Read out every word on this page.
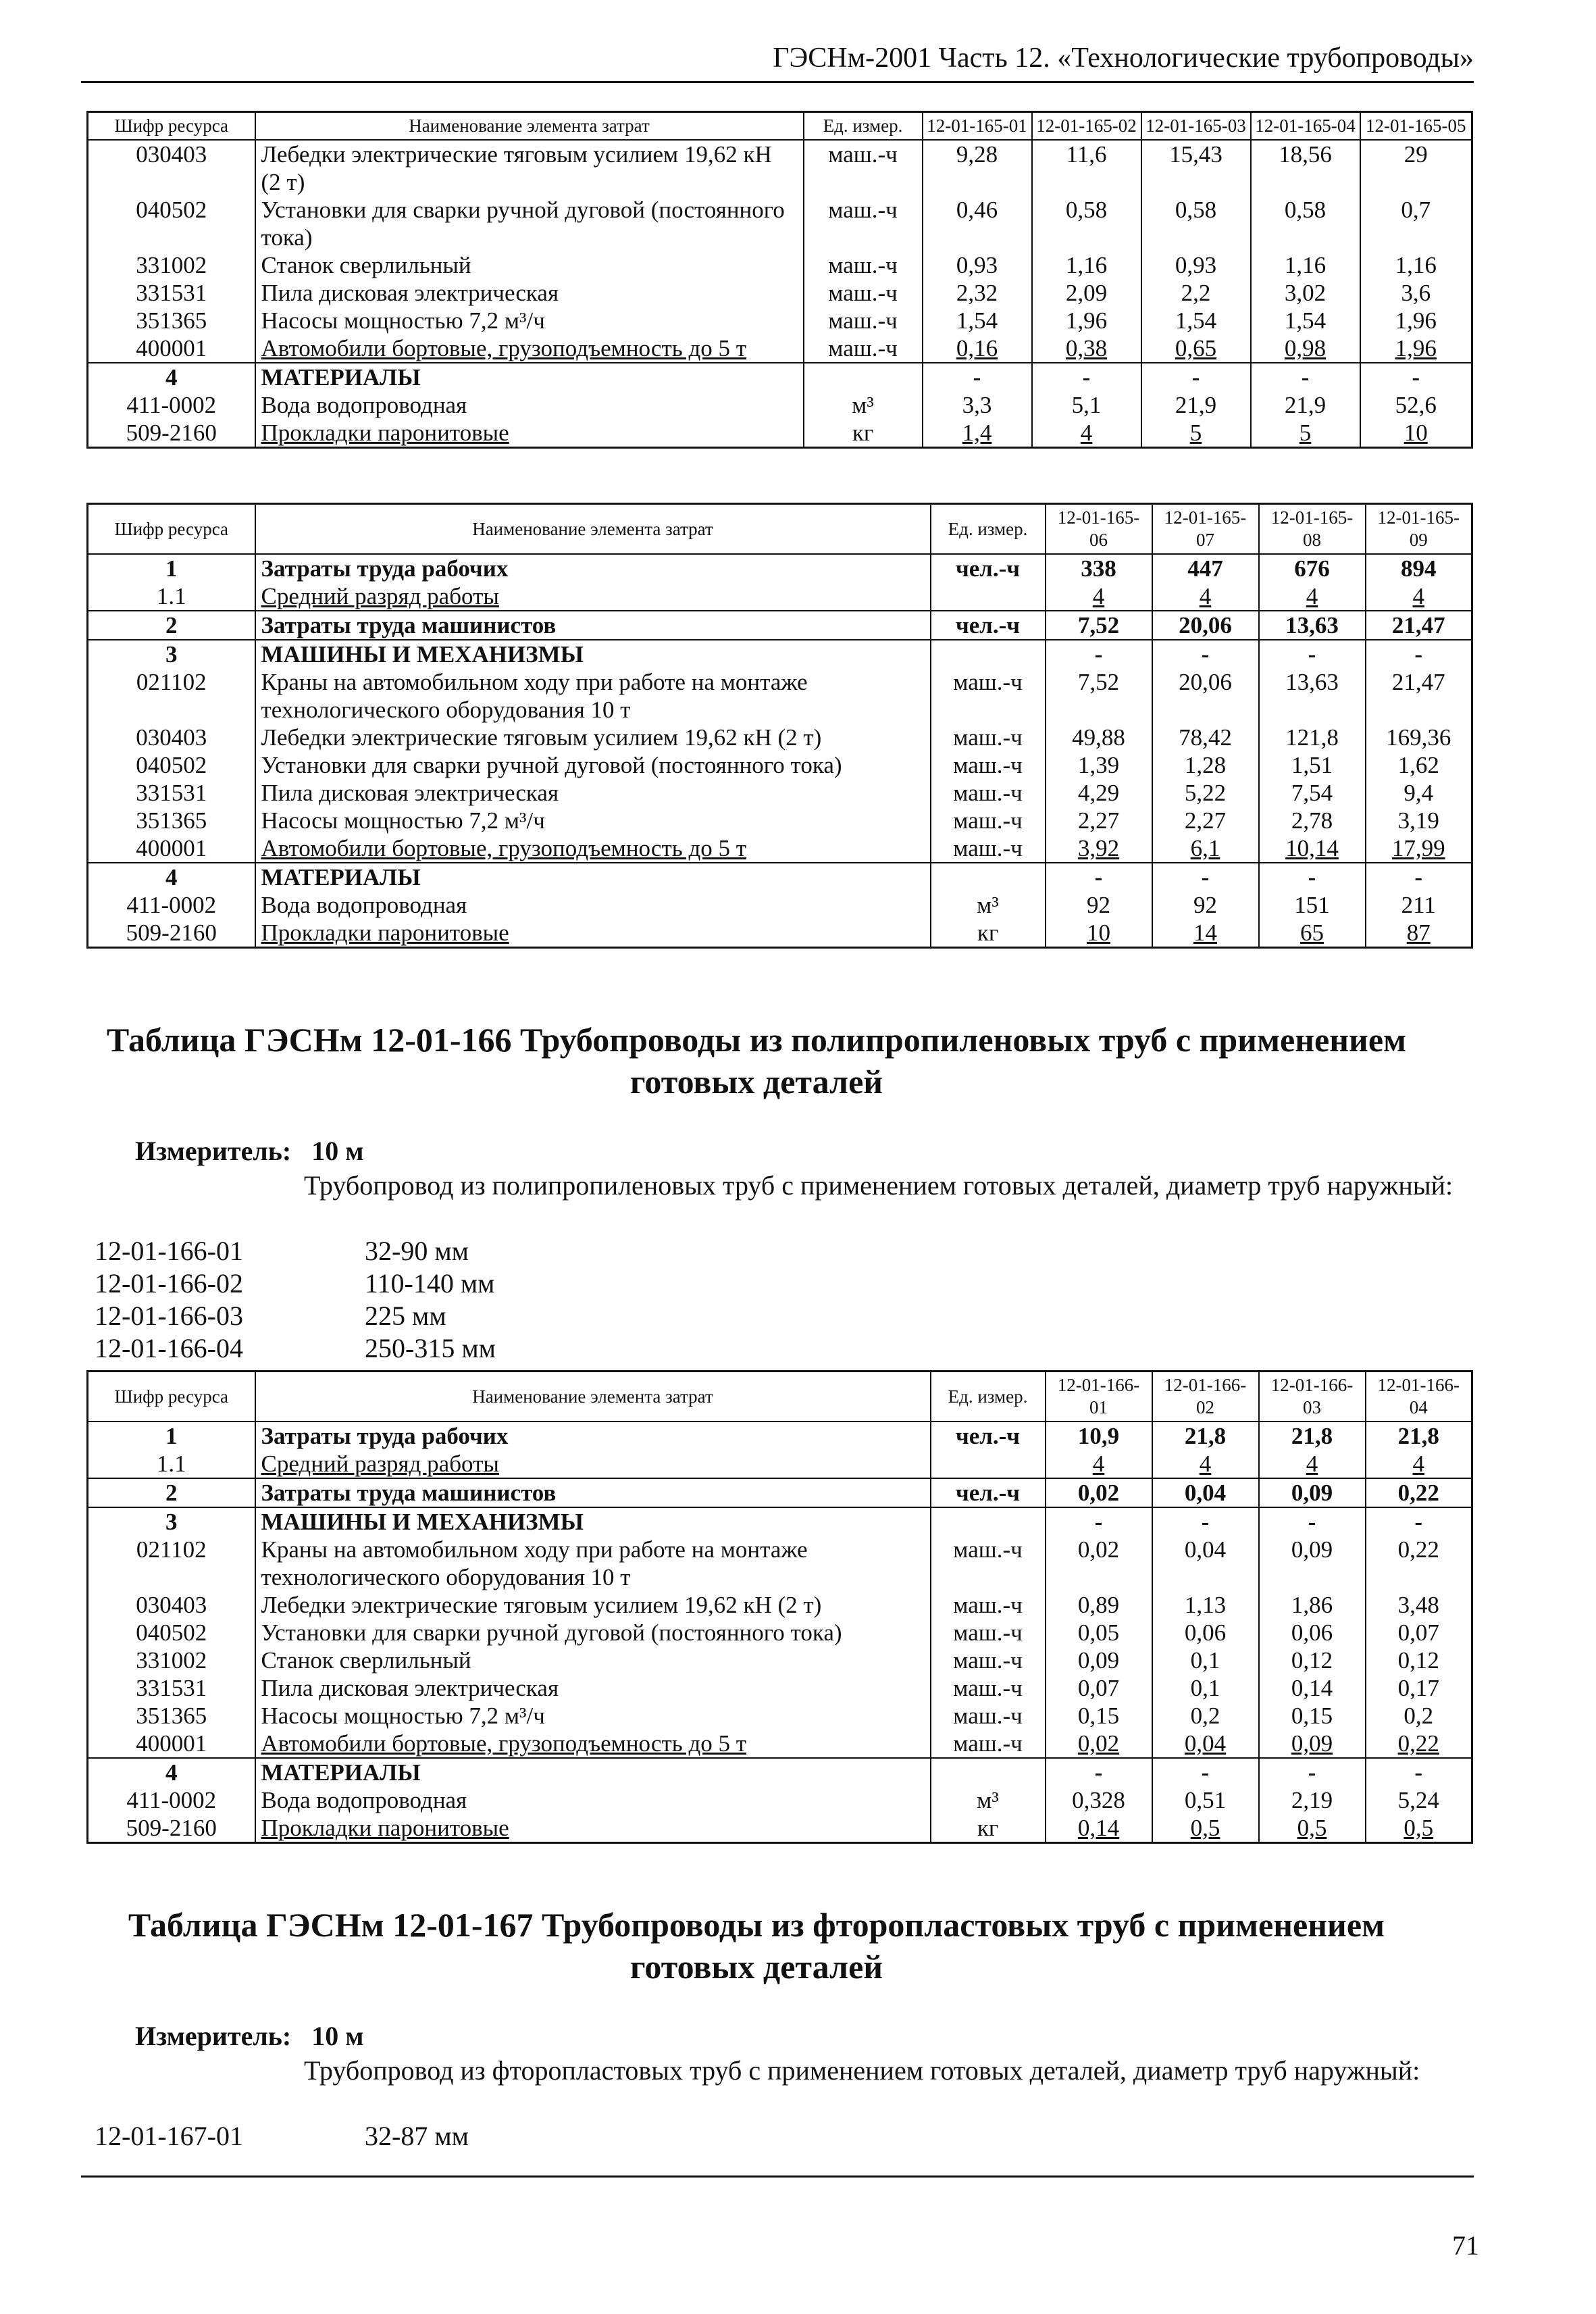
ГЭСНм-2001 Часть 12. «Технологические трубопроводы»
Шифр ресурса	Наименование элемента затрат	Ед. измер.	12-01-165-01	12-01-165-02	12-01-165-03	12-01-165-04	12-01-165-05
030403	Лебедки электрические тяговым усилием 19,62 кН (2 т)	маш.-ч	9,28	11,6	15,43	18,56	29
040502	Установки для сварки ручной дуговой (постоянного тока)	маш.-ч	0,46	0,58	0,58	0,58	0,7
331002	Станок сверлильный	маш.-ч	0,93	1,16	0,93	1,16	1,16
331531	Пила дисковая электрическая	маш.-ч	2,32	2,09	2,2	3,02	3,6
351365	Насосы мощностью 7,2 м³/ч	маш.-ч	1,54	1,96	1,54	1,54	1,96
400001	Автомобили бортовые, грузоподъемность до 5 т	маш.-ч	0,16	0,38	0,65	0,98	1,96
4	МАТЕРИАЛЫ		-	-	-	-	-
411-0002	Вода водопроводная	м³	3,3	5,1	21,9	21,9	52,6
509-2160	Прокладки паронитовые	кг	1,4	4	5	5	10
Шифр ресурса	Наименование элемента затрат	Ед. измер.	12-01-165-06	12-01-165-07	12-01-165-08	12-01-165-09
1	Затраты труда рабочих	чел.-ч	338	447	676	894
1.1	Средний разряд работы		4	4	4	4
2	Затраты труда машинистов	чел.-ч	7,52	20,06	13,63	21,47
3	МАШИНЫ И МЕХАНИЗМЫ		-	-	-	-
021102	Краны на автомобильном ходу при работе на монтаже технологического оборудования 10 т	маш.-ч	7,52	20,06	13,63	21,47
030403	Лебедки электрические тяговым усилием 19,62 кН (2 т)	маш.-ч	49,88	78,42	121,8	169,36
040502	Установки для сварки ручной дуговой (постоянного тока)	маш.-ч	1,39	1,28	1,51	1,62
331531	Пила дисковая электрическая	маш.-ч	4,29	5,22	7,54	9,4
351365	Насосы мощностью 7,2 м³/ч	маш.-ч	2,27	2,27	2,78	3,19
400001	Автомобили бортовые, грузоподъемность до 5 т	маш.-ч	3,92	6,1	10,14	17,99
4	МАТЕРИАЛЫ		-	-	-	-
411-0002	Вода водопроводная	м³	92	92	151	211
509-2160	Прокладки паронитовые	кг	10	14	65	87
Таблица ГЭСНм 12-01-166 Трубопроводы из полипропиленовых труб с применением готовых деталей
Измеритель: 10 м
Трубопровод из полипропиленовых труб с применением готовых деталей, диаметр труб наружный:
12-01-166-01	32-90 мм
12-01-166-02	110-140 мм
12-01-166-03	225 мм
12-01-166-04	250-315 мм
Шифр ресурса	Наименование элемента затрат	Ед. измер.	12-01-166-01	12-01-166-02	12-01-166-03	12-01-166-04
1	Затраты труда рабочих	чел.-ч	10,9	21,8	21,8	21,8
1.1	Средний разряд работы		4	4	4	4
2	Затраты труда машинистов	чел.-ч	0,02	0,04	0,09	0,22
3	МАШИНЫ И МЕХАНИЗМЫ		-	-	-	-
021102	Краны на автомобильном ходу при работе на монтаже технологического оборудования 10 т	маш.-ч	0,02	0,04	0,09	0,22
030403	Лебедки электрические тяговым усилием 19,62 кН (2 т)	маш.-ч	0,89	1,13	1,86	3,48
040502	Установки для сварки ручной дуговой (постоянного тока)	маш.-ч	0,05	0,06	0,06	0,07
331002	Станок сверлильный	маш.-ч	0,09	0,1	0,12	0,12
331531	Пила дисковая электрическая	маш.-ч	0,07	0,1	0,14	0,17
351365	Насосы мощностью 7,2 м³/ч	маш.-ч	0,15	0,2	0,15	0,2
400001	Автомобили бортовые, грузоподъемность до 5 т	маш.-ч	0,02	0,04	0,09	0,22
4	МАТЕРИАЛЫ		-	-	-	-
411-0002	Вода водопроводная	м³	0,328	0,51	2,19	5,24
509-2160	Прокладки паронитовые	кг	0,14	0,5	0,5	0,5
Таблица ГЭСНм 12-01-167 Трубопроводы из фторопластовых труб с применением готовых деталей
Измеритель: 10 м
Трубопровод из фторопластовых труб с применением готовых деталей, диаметр труб наружный:
12-01-167-01	32-87 мм
71
